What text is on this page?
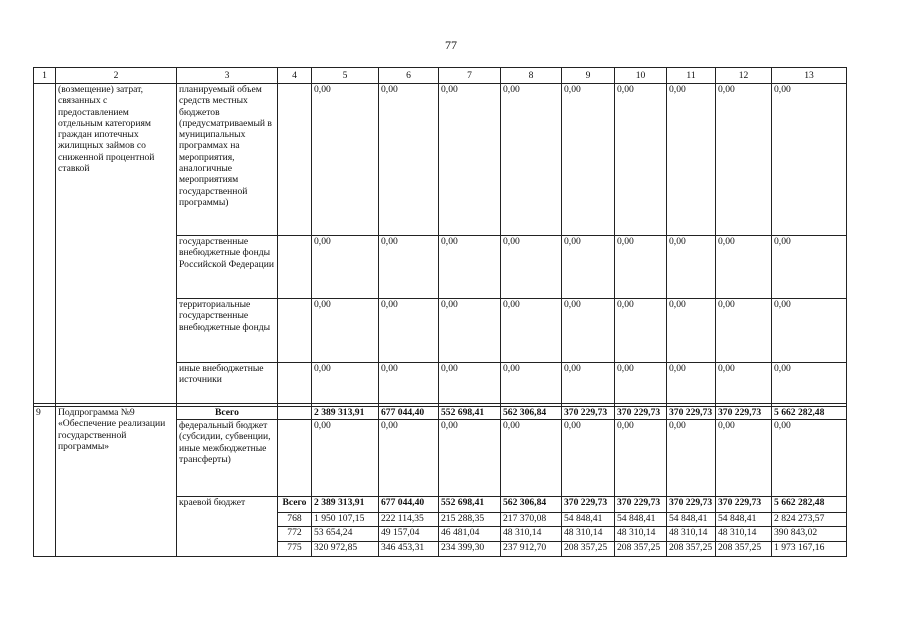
77
1	2	3	4	5	6	7	8	9	10	11	12	13
	(возмещение) затрат, связанных с предоставлением отдельным категориям граждан ипотечных жилищных займов со сниженной процентной ставкой	планируемый объем средств местных бюджетов (предусматриваемый в муниципальных программах на мероприятия, аналогичные мероприятиям государственной программы)		0,00	0,00	0,00	0,00	0,00	0,00	0,00	0,00	0,00
		государственные внебюджетные фонды Российской Федерации		0,00	0,00	0,00	0,00	0,00	0,00	0,00	0,00	0,00
		территориальные государственные внебюджетные фонды		0,00	0,00	0,00	0,00	0,00	0,00	0,00	0,00	0,00
		иные внебюджетные источники		0,00	0,00	0,00	0,00	0,00	0,00	0,00	0,00	0,00

9	Подпрограмма №9 «Обеспечение реализации государственной программы»	Всего		2 389 313,91	677 044,40	552 698,41	562 306,84	370 229,73	370 229,73	370 229,73	370 229,73	5 662 282,48
		федеральный бюджет (субсидии, субвенции, иные межбюджетные трансферты)		0,00	0,00	0,00	0,00	0,00	0,00	0,00	0,00	0,00
		краевой бюджет	Всего	2 389 313,91	677 044,40	552 698,41	562 306,84	370 229,73	370 229,73	370 229,73	370 229,73	5 662 282,48
			768	1 950 107,15	222 114,35	215 288,35	217 370,08	54 848,41	54 848,41	54 848,41	54 848,41	2 824 273,57
			772	53 654,24	49 157,04	46 481,04	48 310,14	48 310,14	48 310,14	48 310,14	48 310,14	390 843,02
			775	320 972,85	346 453,31	234 399,30	237 912,70	208 357,25	208 357,25	208 357,25	208 357,25	1 973 167,16
